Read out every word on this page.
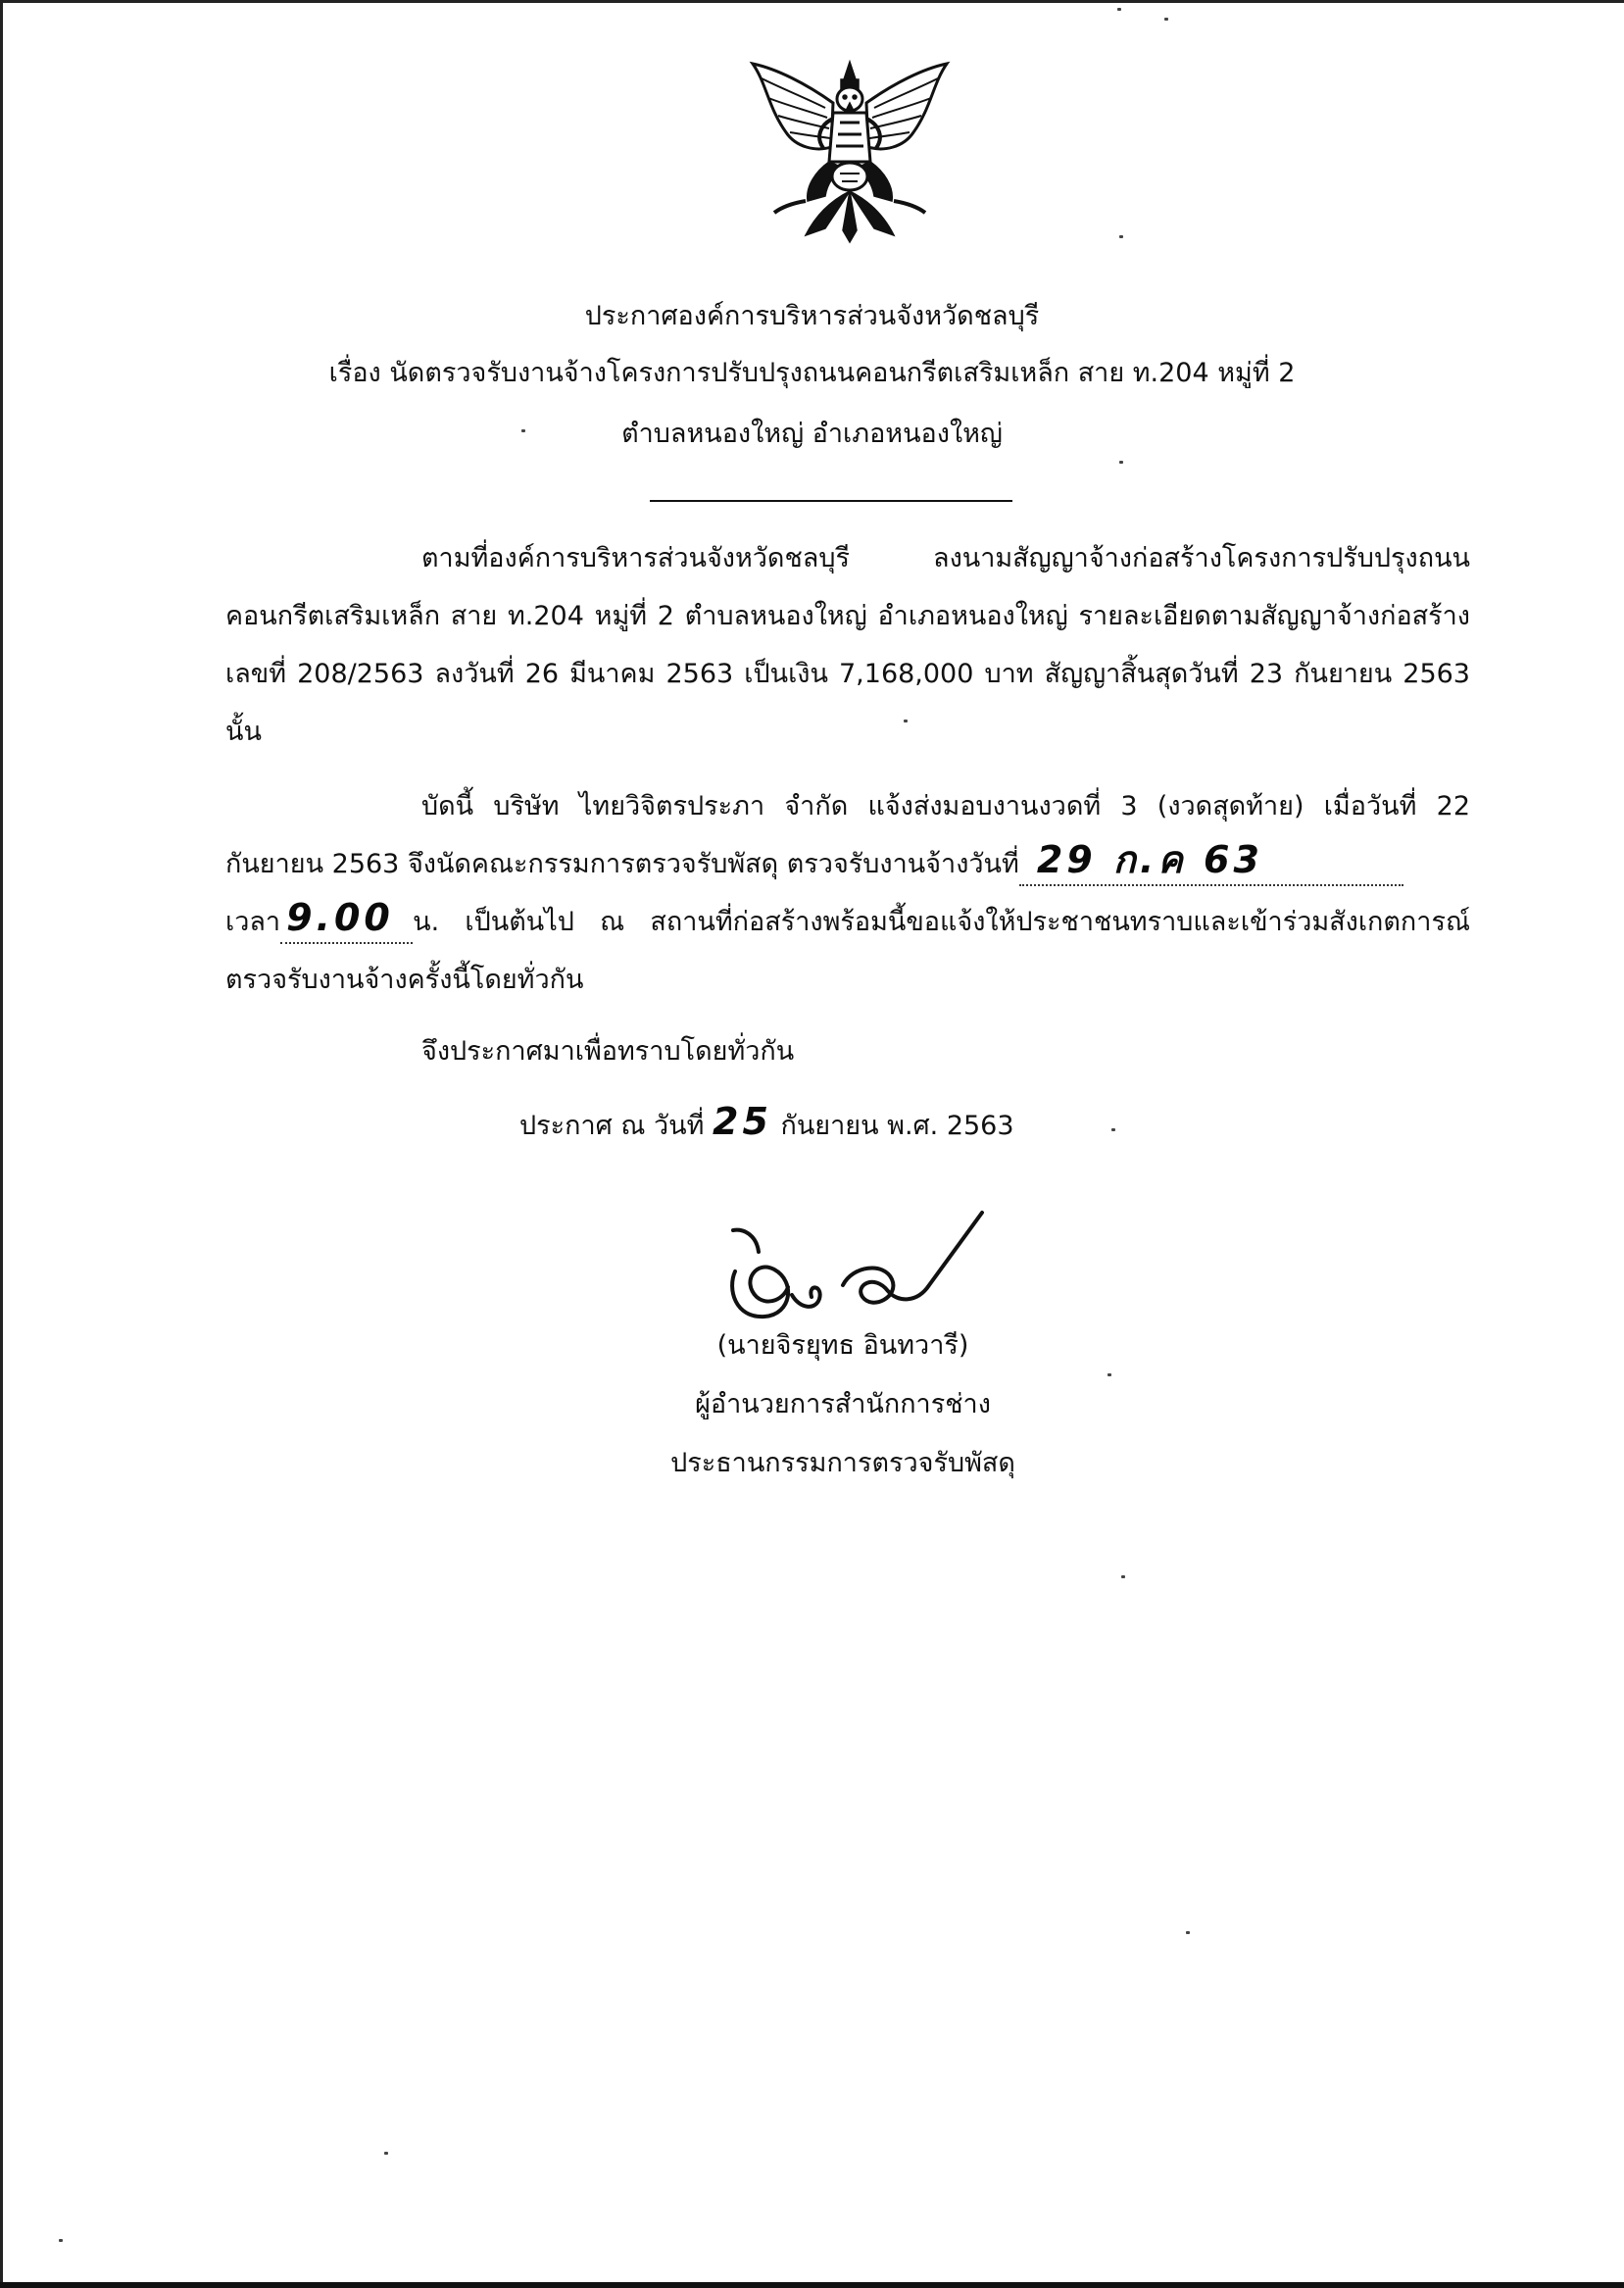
ประกาศองค์การบริหารส่วนจังหวัดชลบุรี
เรื่อง นัดตรวจรับงานจ้างโครงการปรับปรุงถนนคอนกรีตเสริมเหล็ก สาย ท.204 หมู่ที่ 2
ตำบลหนองใหญ่ อำเภอหนองใหญ่
ตามที่องค์การบริหารส่วนจังหวัดชลบุรี ลงนามสัญญาจ้างก่อสร้างโครงการปรับปรุงถนนคอนกรีตเสริมเหล็ก สาย ท.204 หมู่ที่ 2 ตำบลหนองใหญ่ อำเภอหนองใหญ่ รายละเอียดตามสัญญาจ้างก่อสร้างเลขที่ 208/2563 ลงวันที่ 26 มีนาคม 2563 เป็นเงิน 7,168,000 บาท สัญญาสิ้นสุดวันที่ 23 กันยายน 2563 นั้น
บัดนี้ บริษัท ไทยวิจิตรประภา จำกัด แจ้งส่งมอบงานงวดที่ 3 (งวดสุดท้าย) เมื่อวันที่ 22 กันยายน 2563 จึงนัดคณะกรรมการตรวจรับพัสดุ ตรวจรับงานจ้างวันที่ 29 ก.ค 63
เวลา 9.00 น. เป็นต้นไป ณ สถานที่ก่อสร้างพร้อมนี้ขอแจ้งให้ประชาชนทราบและเข้าร่วมสังเกตการณ์ตรวจรับงานจ้างครั้งนี้โดยทั่วกัน
จึงประกาศมาเพื่อทราบโดยทั่วกัน
ประกาศ ณ วันที่ 25 กันยายน พ.ศ. 2563
(นายจิรยุทธ อินทวารี)
ผู้อำนวยการสำนักการช่าง
ประธานกรรมการตรวจรับพัสดุ
